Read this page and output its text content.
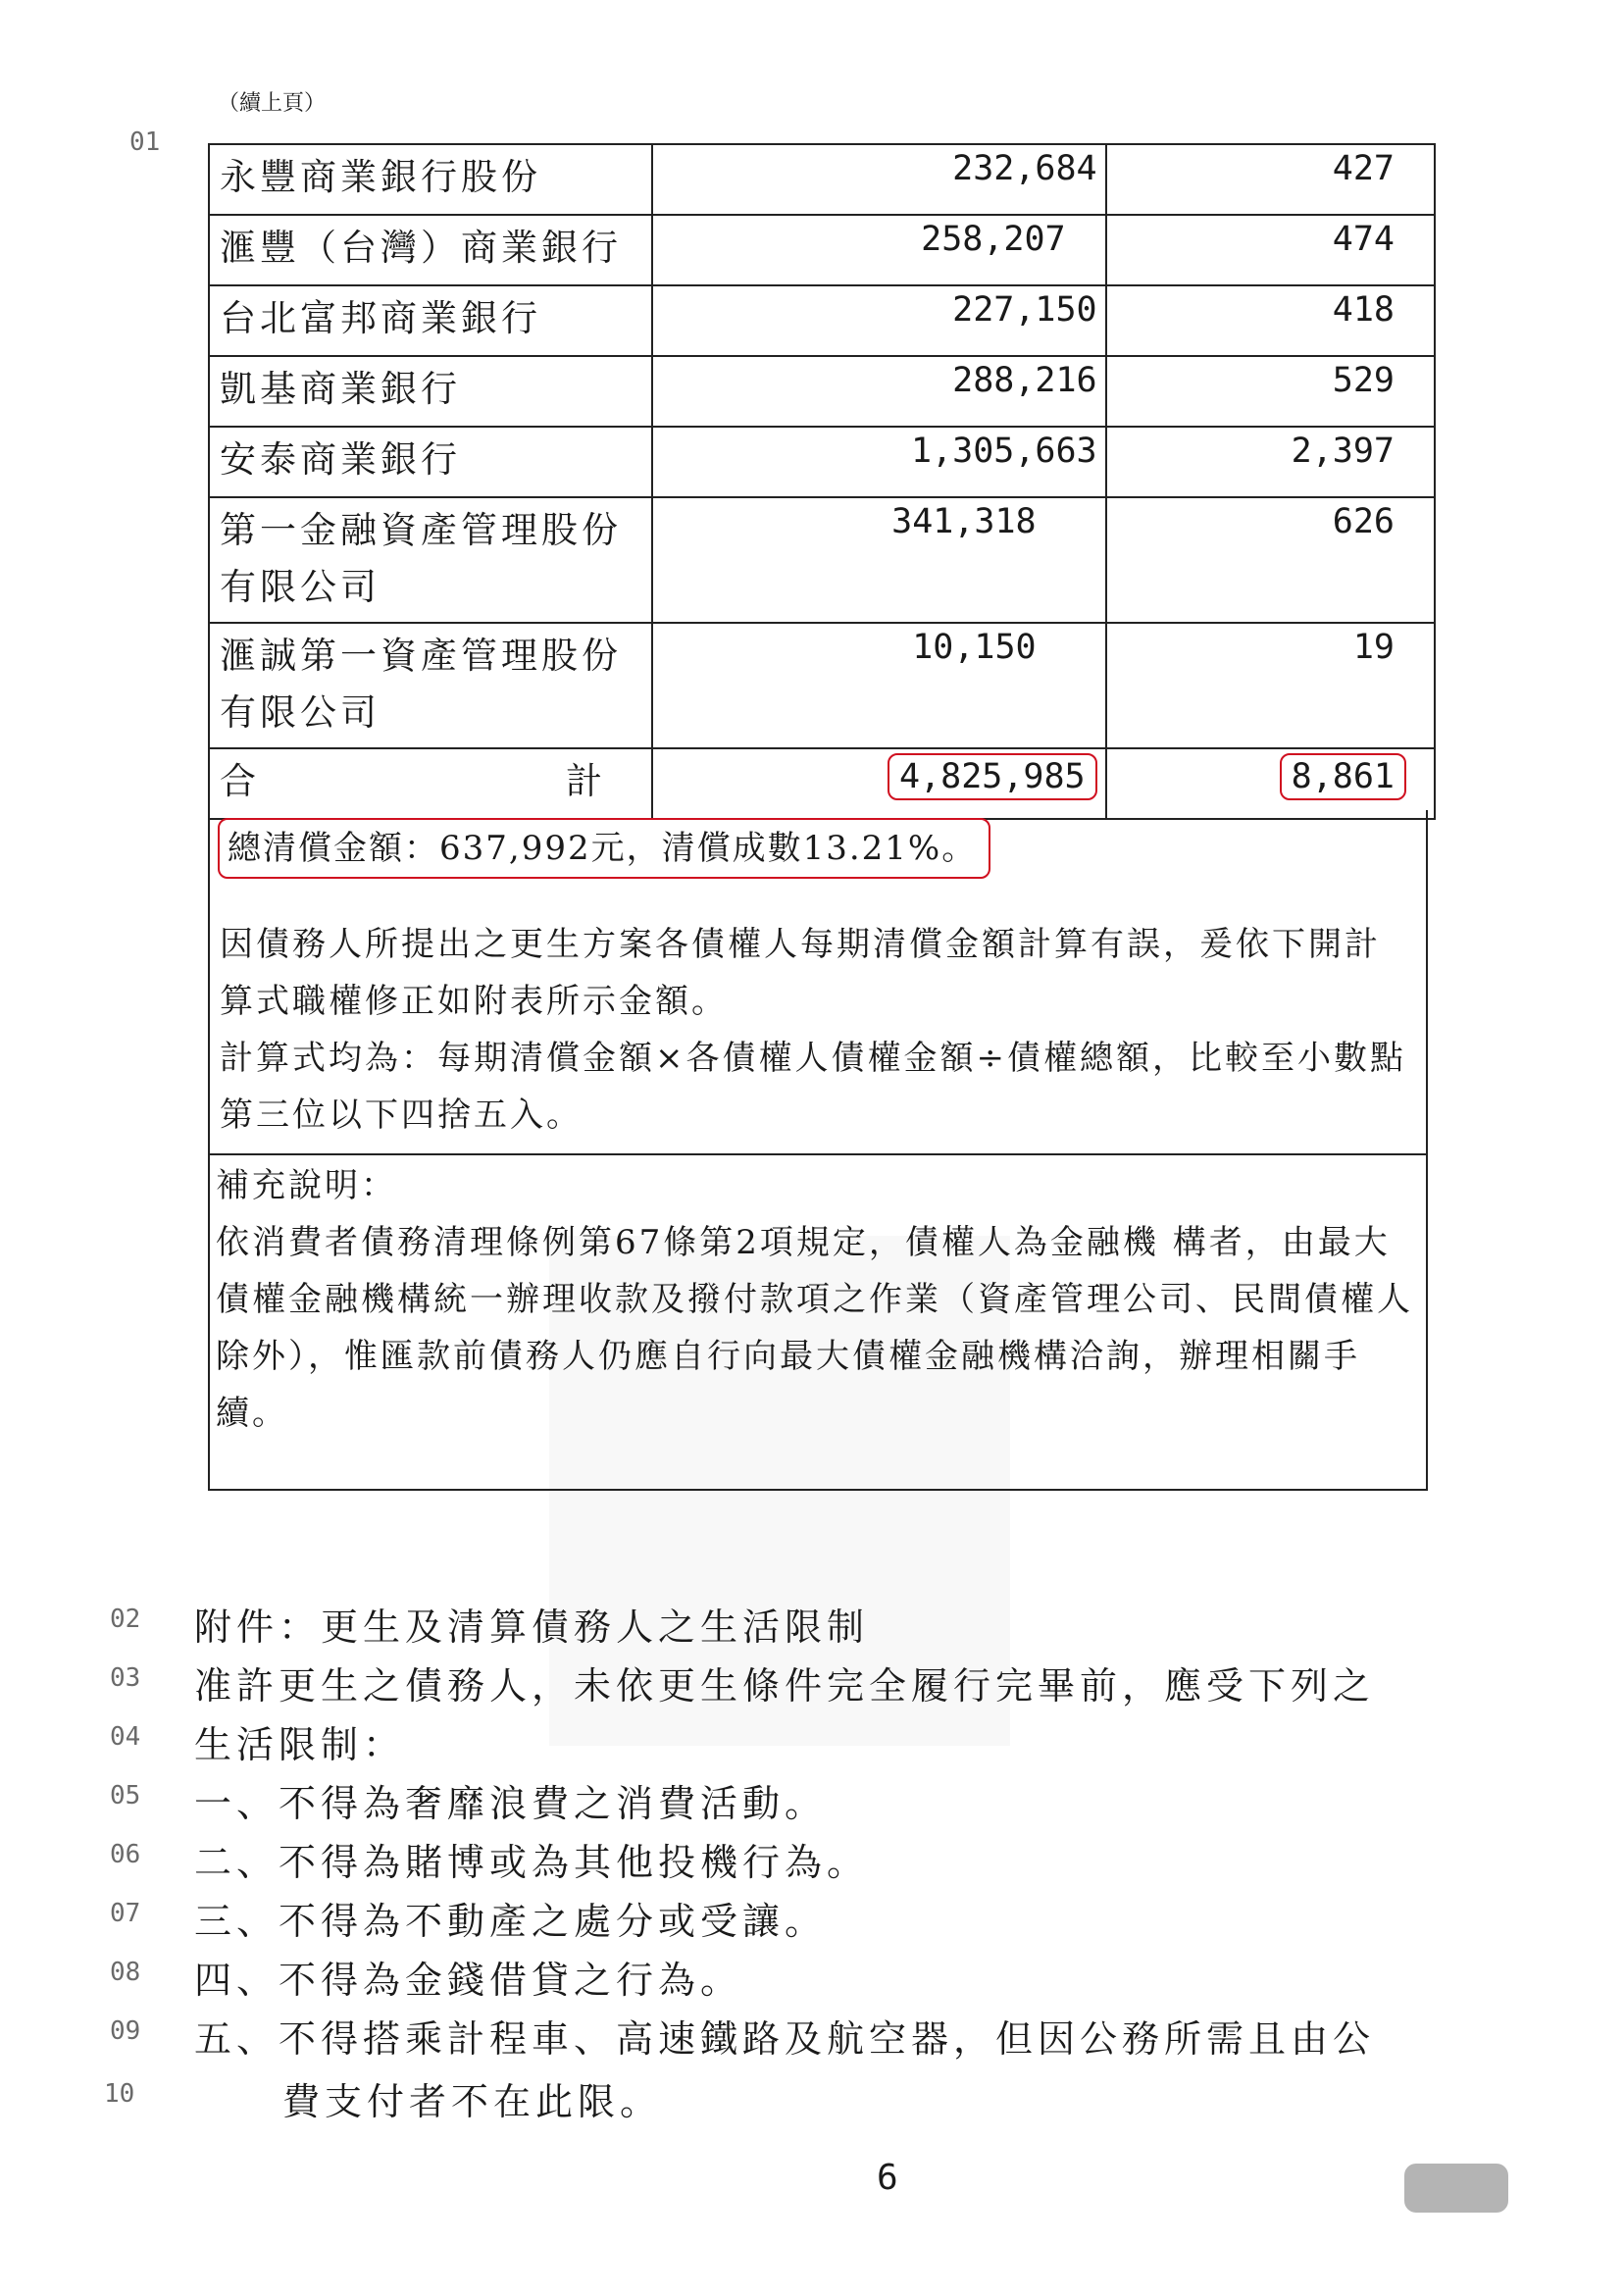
（續上頁）
01
永豐商業銀行股份	232,684	427
滙豐（台灣）商業銀行	258,207	474
台北富邦商業銀行	227,150	418
凱基商業銀行	288,216	529
安泰商業銀行	1,305,663	2,397
第一金融資產管理股份有限公司	341,318	626
滙誠第一資產管理股份有限公司	10,150	19

合 計	4,825,985	8,861
總清償金額：637,992元，清償成數13.21%。
因債務人所提出之更生方案各債權人每期清償金額計算有誤，爰依下開計算式職權修正如附表所示金額。
計算式均為：每期清償金額×各債權人債權金額÷債權總額，比較至小數點第三位以下四捨五入。
補充說明：
依消費者債務清理條例第67條第2項規定，債權人為金融機 構者，由最大債權金融機構統一辦理收款及撥付款項之作業（資產管理公司、民間債權人除外），惟匯款前債務人仍應自行向最大債權金融機構洽詢，辦理相關手續。
02 附件：更生及清算債務人之生活限制
03 准許更生之債務人，未依更生條件完全履行完畢前，應受下列之
04 生活限制：
05 一、不得為奢靡浪費之消費活動。
06 二、不得為賭博或為其他投機行為。
07 三、不得為不動產之處分或受讓。
08 四、不得為金錢借貸之行為。
09 五、不得搭乘計程車、高速鐵路及航空器，但因公務所需且由公
10	費支付者不在此限。
6
